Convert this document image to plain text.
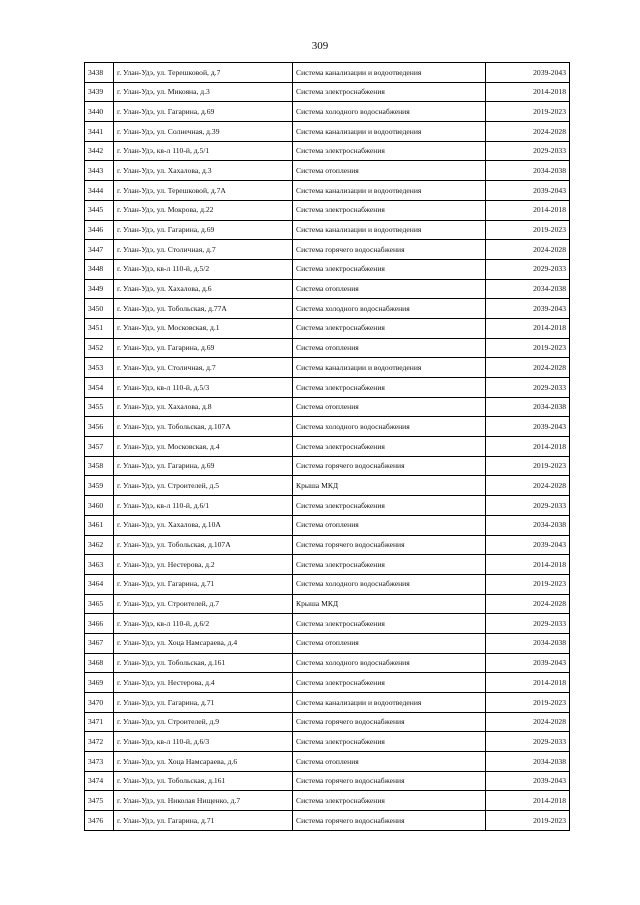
309
3438	г. Улан-Удэ, ул. Терешковой, д.7	Система канализации и водоотведения	2039-2043
3439	г. Улан-Удэ, ул. Микояна, д.3	Система электроснабжения	2014-2018
3440	г. Улан-Удэ, ул. Гагарина, д.69	Система холодного водоснабжения	2019-2023
3441	г. Улан-Удэ, ул. Солнечная, д.39	Система канализации и водоотведения	2024-2028
3442	г. Улан-Удэ, кв-л 110-й, д.5/1	Система электроснабжения	2029-2033
3443	г. Улан-Удэ, ул. Хахалова, д.3	Система отопления	2034-2038
3444	г. Улан-Удэ, ул. Терешковой, д.7А	Система канализации и водоотведения	2039-2043
3445	г. Улан-Удэ, ул. Мокрова, д.22	Система электроснабжения	2014-2018
3446	г. Улан-Удэ, ул. Гагарина, д.69	Система канализации и водоотведения	2019-2023
3447	г. Улан-Удэ, ул. Столичная, д.7	Система горячего водоснабжения	2024-2028
3448	г. Улан-Удэ, кв-л 110-й, д.5/2	Система электроснабжения	2029-2033
3449	г. Улан-Удэ, ул. Хахалова, д.6	Система отопления	2034-2038
3450	г. Улан-Удэ, ул. Тобольская, д.77А	Система холодного водоснабжения	2039-2043
3451	г. Улан-Удэ, ул. Московская, д.1	Система электроснабжения	2014-2018
3452	г. Улан-Удэ, ул. Гагарина, д.69	Система отопления	2019-2023
3453	г. Улан-Удэ, ул. Столичная, д.7	Система канализации и водоотведения	2024-2028
3454	г. Улан-Удэ, кв-л 110-й, д.5/3	Система электроснабжения	2029-2033
3455	г. Улан-Удэ, ул. Хахалова, д.8	Система отопления	2034-2038
3456	г. Улан-Удэ, ул. Тобольская, д.107А	Система холодного водоснабжения	2039-2043
3457	г. Улан-Удэ, ул. Московская, д.4	Система электроснабжения	2014-2018
3458	г. Улан-Удэ, ул. Гагарина, д.69	Система горячего водоснабжения	2019-2023
3459	г. Улан-Удэ, ул. Строителей, д.5	Крыша МКД	2024-2028
3460	г. Улан-Удэ, кв-л 110-й, д.6/1	Система электроснабжения	2029-2033
3461	г. Улан-Удэ, ул. Хахалова, д.10А	Система отопления	2034-2038
3462	г. Улан-Удэ, ул. Тобольская, д.107А	Система горячего водоснабжения	2039-2043
3463	г. Улан-Удэ, ул. Нестерова, д.2	Система электроснабжения	2014-2018
3464	г. Улан-Удэ, ул. Гагарина, д.71	Система холодного водоснабжения	2019-2023
3465	г. Улан-Удэ, ул. Строителей, д.7	Крыша МКД	2024-2028
3466	г. Улан-Удэ, кв-л 110-й, д.6/2	Система электроснабжения	2029-2033
3467	г. Улан-Удэ, ул. Хоца Намсараева, д.4	Система отопления	2034-2038
3468	г. Улан-Удэ, ул. Тобольская, д.161	Система холодного водоснабжения	2039-2043
3469	г. Улан-Удэ, ул. Нестерова, д.4	Система электроснабжения	2014-2018
3470	г. Улан-Удэ, ул. Гагарина, д.71	Система канализации и водоотведения	2019-2023
3471	г. Улан-Удэ, ул. Строителей, д.9	Система горячего водоснабжения	2024-2028
3472	г. Улан-Удэ, кв-л 110-й, д.6/3	Система электроснабжения	2029-2033
3473	г. Улан-Удэ, ул. Хоца Намсараева, д.6	Система отопления	2034-2038
3474	г. Улан-Удэ, ул. Тобольская, д.161	Система горячего водоснабжения	2039-2043
3475	г. Улан-Удэ, ул. Николая Нищенко, д.7	Система электроснабжения	2014-2018
3476	г. Улан-Удэ, ул. Гагарина, д.71	Система горячего водоснабжения	2019-2023
